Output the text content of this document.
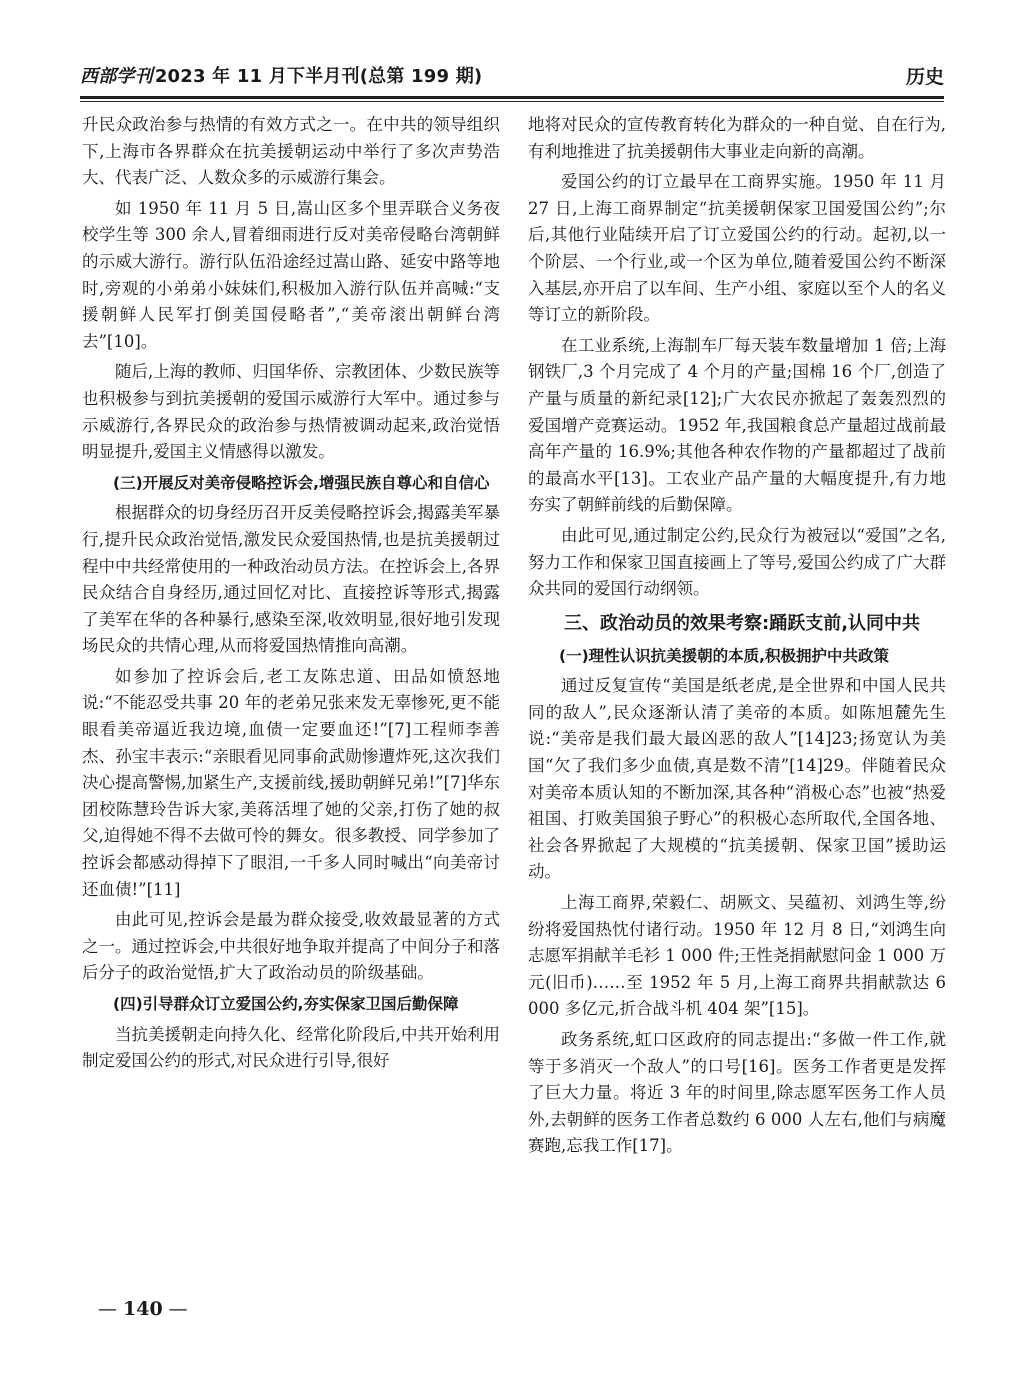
西部学刊 2023 年 11 月下半月刊(总第 199 期)	历史

升民众政治参与热情的有效方式之一。在中共的领导组织下,上海市各界群众在抗美援朝运动中举行了多次声势浩大、代表广泛、人数众多的示威游行集会。

如 1950 年 11 月 5 日,嵩山区多个里弄联合义务夜校学生等 300 余人,冒着细雨进行反对美帝侵略台湾朝鲜的示威大游行。游行队伍沿途经过嵩山路、延安中路等地时,旁观的小弟弟小妹妹们,积极加入游行队伍并高喊:“支援朝鲜人民军打倒美国侵略者”,“美帝滚出朝鲜台湾去”[10]。

随后,上海的教师、归国华侨、宗教团体、少数民族等也积极参与到抗美援朝的爱国示威游行大军中。通过参与示威游行,各界民众的政治参与热情被调动起来,政治觉悟明显提升,爱国主义情感得以激发。

(三)开展反对美帝侵略控诉会,增强民族自尊心和自信心

根据群众的切身经历召开反美侵略控诉会,揭露美军暴行,提升民众政治觉悟,激发民众爱国热情,也是抗美援朝过程中中共经常使用的一种政治动员方法。在控诉会上,各界民众结合自身经历,通过回忆对比、直接控诉等形式,揭露了美军在华的各种暴行,感染至深,收效明显,很好地引发现场民众的共情心理,从而将爱国热情推向高潮。

如参加了控诉会后,老工友陈忠道、田品如愤怒地说:“不能忍受共事 20 年的老弟兄张来发无辜惨死,更不能眼看美帝逼近我边境,血债一定要血还!”[7]工程师李善杰、孙宝丰表示:“亲眼看见同事俞武勋惨遭炸死,这次我们决心提高警惕,加紧生产,支援前线,援助朝鲜兄弟!”[7]华东团校陈慧玲告诉大家,美蒋活埋了她的父亲,打伤了她的叔父,迫得她不得不去做可怜的舞女。很多教授、同学参加了控诉会都感动得掉下了眼泪,一千多人同时喊出“向美帝讨还血债!”[11]

由此可见,控诉会是最为群众接受,收效最显著的方式之一。通过控诉会,中共很好地争取并提高了中间分子和落后分子的政治觉悟,扩大了政治动员的阶级基础。

(四)引导群众订立爱国公约,夯实保家卫国后勤保障

当抗美援朝走向持久化、经常化阶段后,中共开始利用制定爱国公约的形式,对民众进行引导,很好

地将对民众的宣传教育转化为群众的一种自觉、自在行为,有利地推进了抗美援朝伟大事业走向新的高潮。

爱国公约的订立最早在工商界实施。1950 年 11 月 27 日,上海工商界制定“抗美援朝保家卫国爱国公约”;尔后,其他行业陆续开启了订立爱国公约的行动。起初,以一个阶层、一个行业,或一个区为单位,随着爱国公约不断深入基层,亦开启了以车间、生产小组、家庭以至个人的名义等订立的新阶段。

在工业系统,上海制车厂每天装车数量增加 1 倍;上海钢铁厂,3 个月完成了 4 个月的产量;国棉 16 个厂,创造了产量与质量的新纪录[12];广大农民亦掀起了轰轰烈烈的爱国增产竞赛运动。1952 年,我国粮食总产量超过战前最高年产量的 16.9%;其他各种农作物的产量都超过了战前的最高水平[13]。工农业产品产量的大幅度提升,有力地夯实了朝鲜前线的后勤保障。

由此可见,通过制定公约,民众行为被冠以“爱国”之名,努力工作和保家卫国直接画上了等号,爱国公约成了广大群众共同的爱国行动纲领。

三、政治动员的效果考察:踊跃支前,认同中共
(一)理性认识抗美援朝的本质,积极拥护中共政策

通过反复宣传“美国是纸老虎,是全世界和中国人民共同的敌人”,民众逐渐认清了美帝的本质。如陈旭麓先生说:“美帝是我们最大最凶恶的敌人”[14]23;扬宽认为美国“欠了我们多少血债,真是数不清”[14]29。伴随着民众对美帝本质认知的不断加深,其各种“消极心态”也被“热爱祖国、打败美国狼子野心”的积极心态所取代,全国各地、社会各界掀起了大规模的“抗美援朝、保家卫国”援助运动。

上海工商界,荣毅仁、胡厥文、吴蕴初、刘鸿生等,纷纷将爱国热忱付诸行动。1950 年 12 月 8 日,“刘鸿生向志愿军捐献羊毛衫 1 000 件;王性尧捐献慰问金 1 000 万元(旧币)……至 1952 年 5 月,上海工商界共捐献款达 6 000 多亿元,折合战斗机 404 架”[15]。

政务系统,虹口区政府的同志提出:“多做一件工作,就等于多消灭一个敌人”的口号[16]。医务工作者更是发挥了巨大力量。将近 3 年的时间里,除志愿军医务工作人员外,去朝鲜的医务工作者总数约 6 000 人左右,他们与病魔赛跑,忘我工作[17]。

— 140 —
